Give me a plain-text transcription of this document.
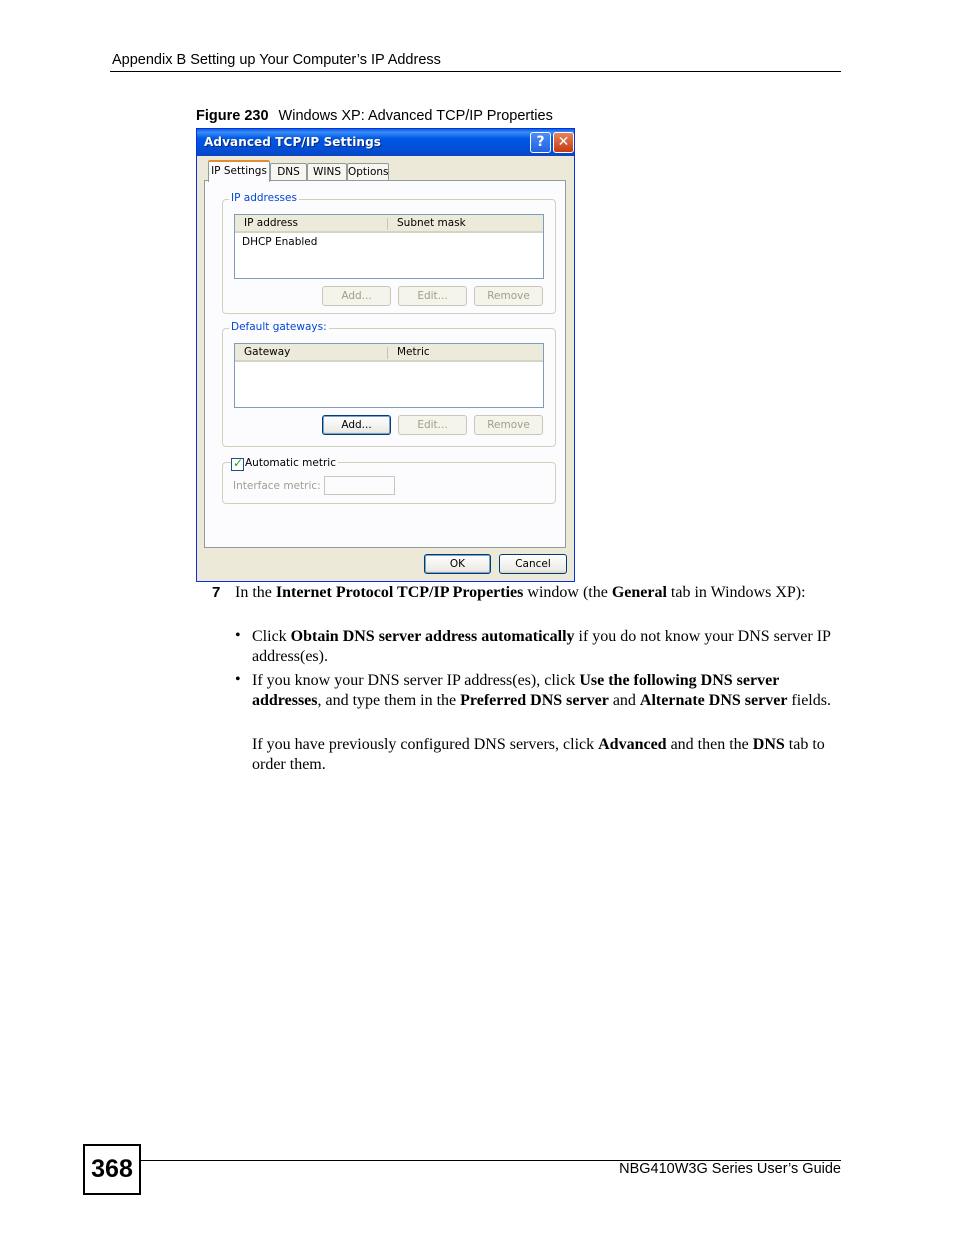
Appendix B Setting up Your Computer’s IP Address
Figure 230 Windows XP: Advanced TCP/IP Properties
Advanced TCP/IP Settings	? ✕
IP Settings DNS	WINS Options
IP addresses
IP address	Subnet mask
DHCP Enabled
Add...	Edit...	Remove
Default gateways:
Gateway	Metric
Add...	Edit...	Remove
✓ Automatic metric
Interface metric:
OK	Cancel
7 In the Internet Protocol TCP/IP Properties window (the General tab in Windows XP):
• Click Obtain DNS server address automatically if you do not know your DNS server IP address(es).
• If you know your DNS server IP address(es), click Use the following DNS server addresses, and type them in the Preferred DNS server and Alternate DNS server fields.
If you have previously configured DNS servers, click Advanced and then the DNS tab to order them.
368	NBG410W3G Series User’s Guide
